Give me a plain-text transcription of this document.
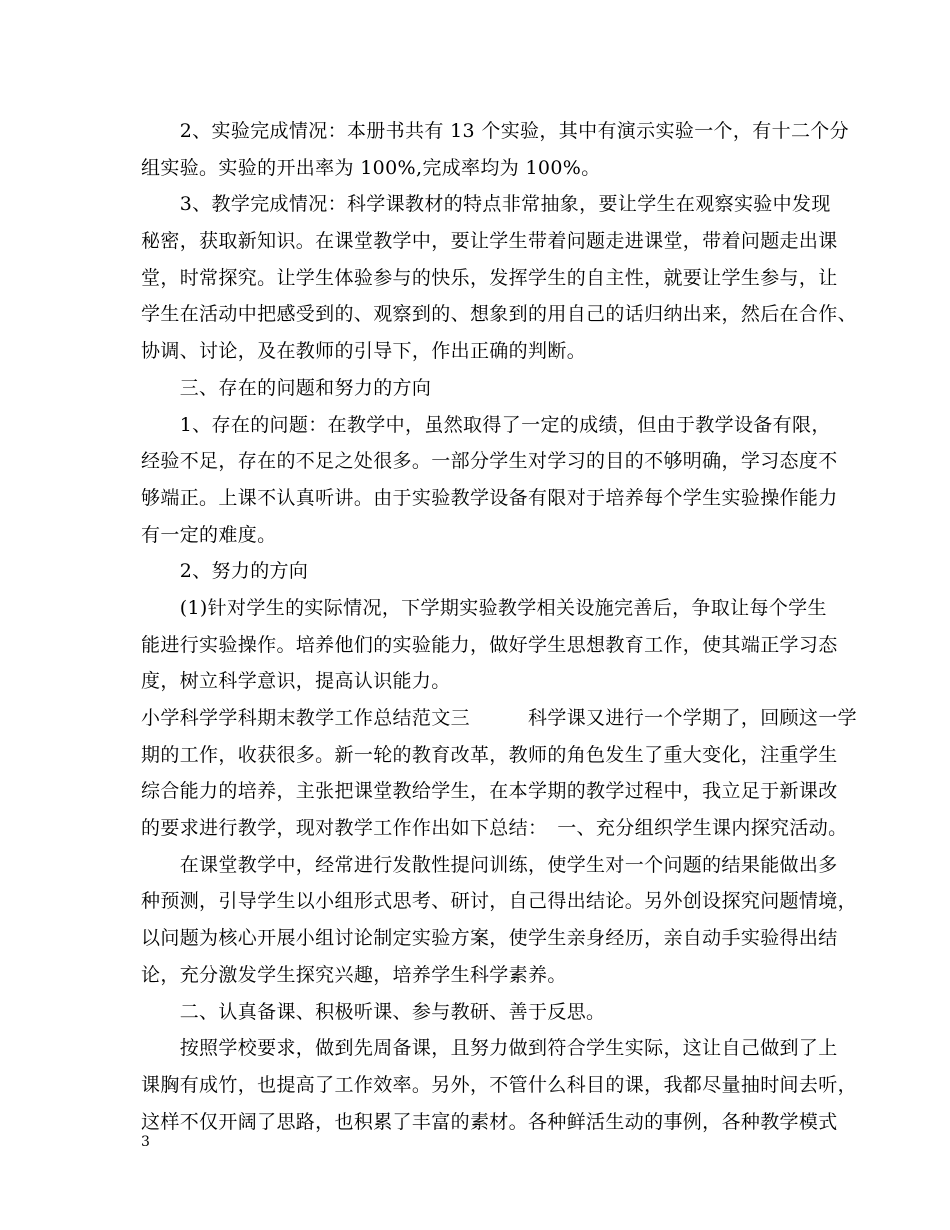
　　2、实验完成情况：本册书共有 13 个实验，其中有演示实验一个，有十二个分
组实验。实验的开出率为 100%,完成率均为 100%。
　　3、教学完成情况：科学课教材的特点非常抽象，要让学生在观察实验中发现
秘密，获取新知识。在课堂教学中，要让学生带着问题走进课堂，带着问题走出课
堂，时常探究。让学生体验参与的快乐，发挥学生的自主性，就要让学生参与，让
学生在活动中把感受到的、观察到的、想象到的用自己的话归纳出来，然后在合作、
协调、讨论，及在教师的引导下，作出正确的判断。
　　三、存在的问题和努力的方向
　　1、存在的问题：在教学中，虽然取得了一定的成绩，但由于教学设备有限，
经验不足，存在的不足之处很多。一部分学生对学习的目的不够明确，学习态度不
够端正。上课不认真听讲。由于实验教学设备有限对于培养每个学生实验操作能力
有一定的难度。
　　2、努力的方向
　　(1)针对学生的实际情况，下学期实验教学相关设施完善后，争取让每个学生
能进行实验操作。培养他们的实验能力，做好学生思想教育工作，使其端正学习态
度，树立科学意识，提高认识能力。
小学科学学科期末教学工作总结范文三　　　科学课又进行一个学期了，回顾这一学
期的工作，收获很多。新一轮的教育改革，教师的角色发生了重大变化，注重学生
综合能力的培养，主张把课堂教给学生，在本学期的教学过程中，我立足于新课改
的要求进行教学，现对教学工作作出如下总结：　一、充分组织学生课内探究活动。
　　在课堂教学中，经常进行发散性提问训练，使学生对一个问题的结果能做出多
种预测，引导学生以小组形式思考、研讨，自己得出结论。另外创设探究问题情境，
以问题为核心开展小组讨论制定实验方案，使学生亲身经历，亲自动手实验得出结
论，充分激发学生探究兴趣，培养学生科学素养。
　　二、认真备课、积极听课、参与教研、善于反思。
　　按照学校要求，做到先周备课，且努力做到符合学生实际，这让自己做到了上
课胸有成竹，也提高了工作效率。另外，不管什么科目的课，我都尽量抽时间去听，
这样不仅开阔了思路，也积累了丰富的素材。各种鲜活生动的事例，各种教学模式
3
